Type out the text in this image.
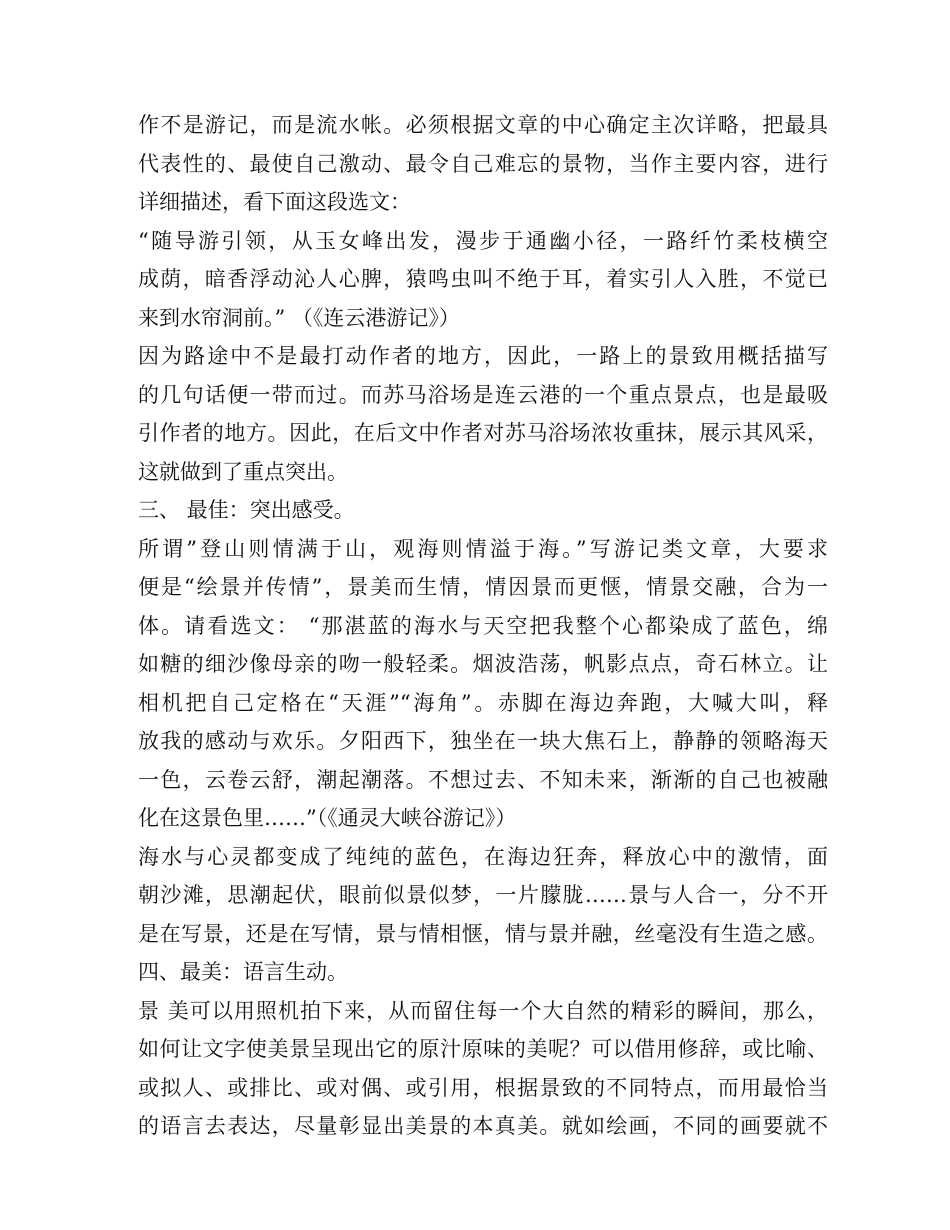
作不是游记，而是流水帐。必须根据文章的中心确定主次详略，把最具
代表性的、最使自己激动、最令自己难忘的景物，当作主要内容，进行
详细描述，看下面这段选文：
“随导游引领，从玉女峰出发，漫步于通幽小径，一路纤竹柔枝横空
成荫，暗香浮动沁人心脾，猿鸣虫叫不绝于耳，着实引人入胜，不觉已
来到水帘洞前。” （《连云港游记》）
因为路途中不是最打动作者的地方，因此，一路上的景致用概括描写
的几句话便一带而过。而苏马浴场是连云港的一个重点景点，也是最吸
引作者的地方。因此，在后文中作者对苏马浴场浓妆重抹，展示其风采，
这就做到了重点突出。
三、 最佳：突出感受。
所谓”登山则情满于山，观海则情溢于海。”写游记类文章，大要求
便是“绘景并传情”，景美而生情，情因景而更惬，情景交融，合为一
体。请看选文： “那湛蓝的海水与天空把我整个心都染成了蓝色，绵
如糖的细沙像母亲的吻一般轻柔。烟波浩荡，帆影点点，奇石林立。让
相机把自己定格在“天涯”“海角”。赤脚在海边奔跑，大喊大叫，释
放我的感动与欢乐。夕阳西下，独坐在一块大焦石上，静静的领略海天
一色，云卷云舒，潮起潮落。不想过去、不知未来，渐渐的自己也被融
化在这景色里……”（《通灵大峡谷游记》）
海水与心灵都变成了纯纯的蓝色，在海边狂奔，释放心中的激情，面
朝沙滩，思潮起伏，眼前似景似梦，一片朦胧……景与人合一，分不开
是在写景，还是在写情，景与情相惬，情与景并融，丝毫没有生造之感。
四、最美：语言生动。
景 美可以用照机拍下来，从而留住每一个大自然的精彩的瞬间，那么，
如何让文字使美景呈现出它的原汁原味的美呢？可以借用修辞，或比喻、
或拟人、或排比、或对偶、或引用，根据景致的不同特点，而用最恰当
的语言去表达，尽量彰显出美景的本真美。就如绘画，不同的画要就不
